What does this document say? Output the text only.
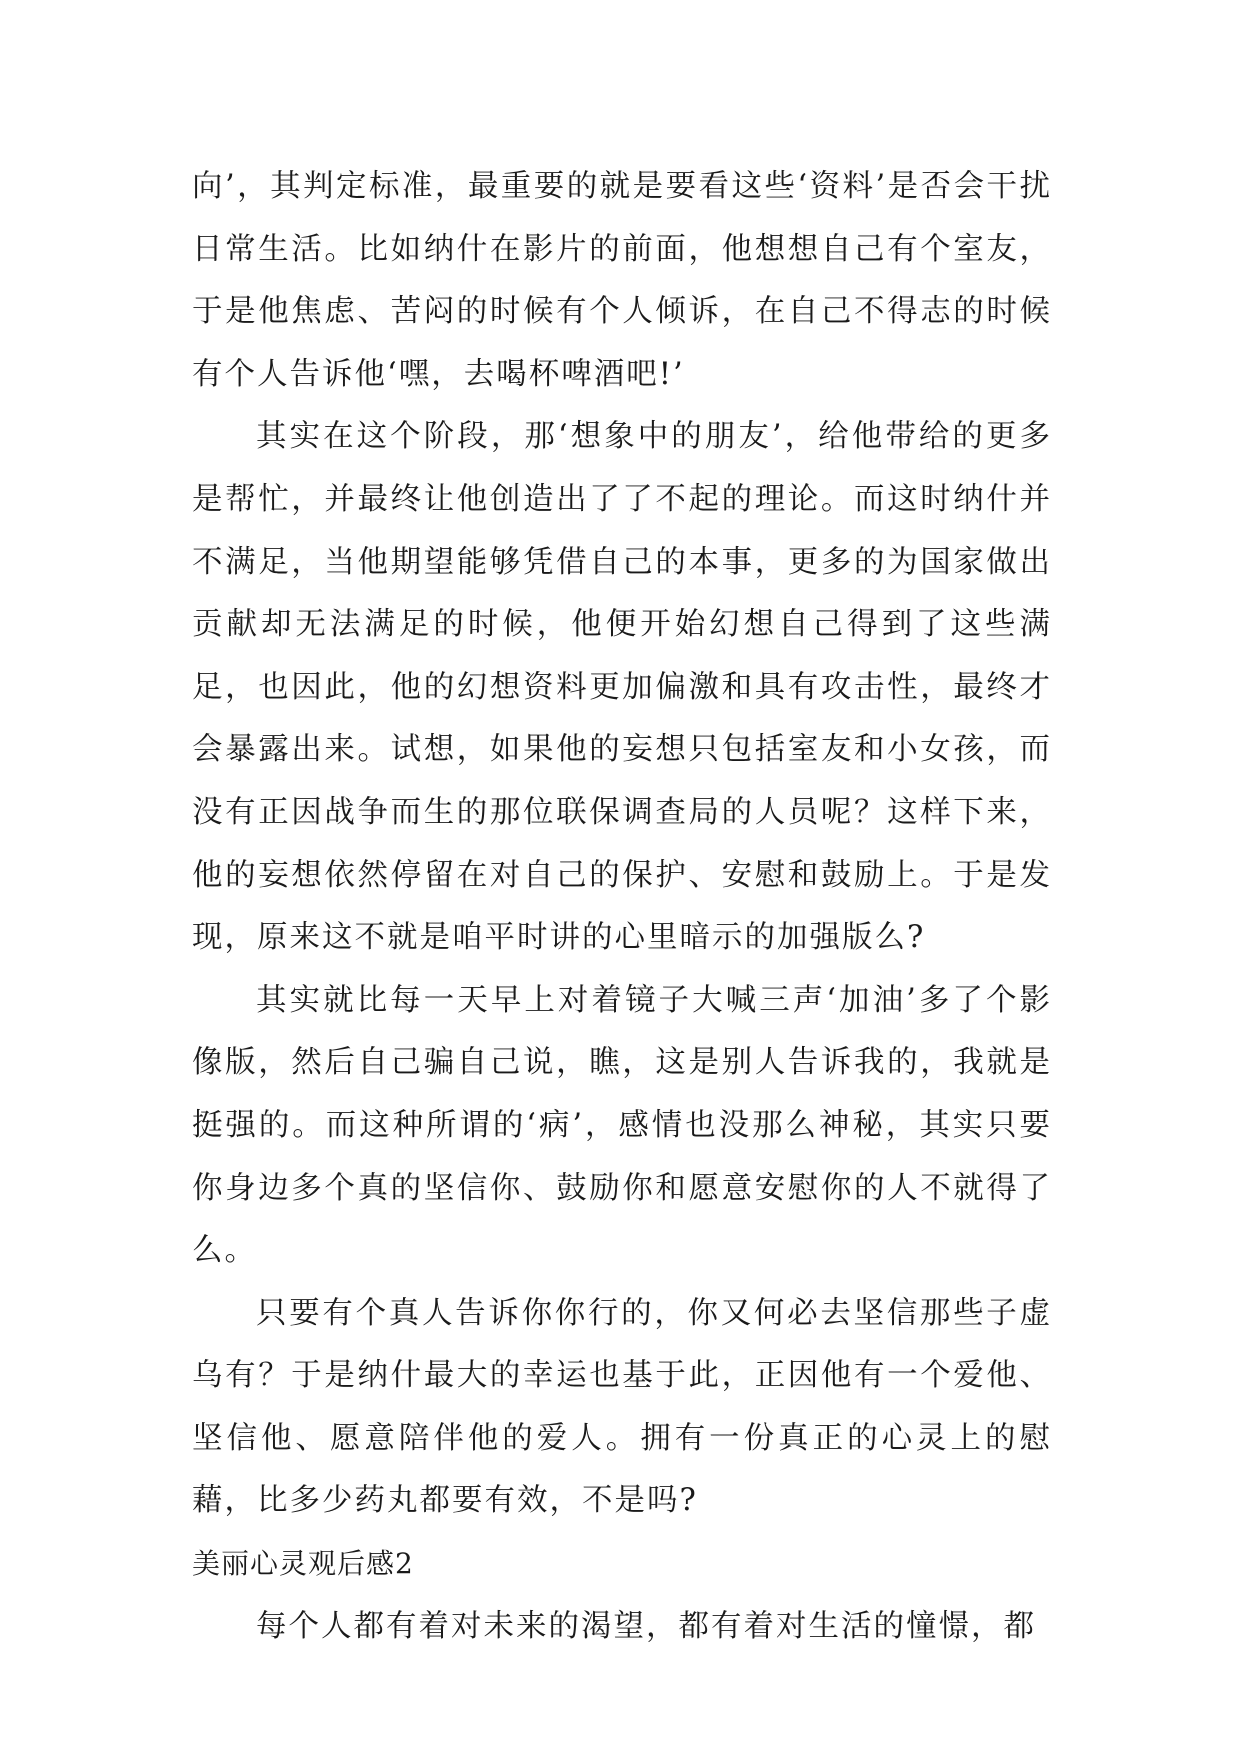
向’，其判定标准，最重要的就是要看这些‘资料’是否会干扰日常生活。比如纳什在影片的前面，他想想自己有个室友，于是他焦虑、苦闷的时候有个人倾诉，在自己不得志的时候有个人告诉他‘嘿，去喝杯啤酒吧!’

其实在这个阶段，那‘想象中的朋友’，给他带给的更多是帮忙，并最终让他创造出了了不起的理论。而这时纳什并不满足，当他期望能够凭借自己的本事，更多的为国家做出贡献却无法满足的时候，他便开始幻想自己得到了这些满足，也因此，他的幻想资料更加偏激和具有攻击性，最终才会暴露出来。试想，如果他的妄想只包括室友和小女孩，而没有正因战争而生的那位联保调查局的人员呢？这样下来，他的妄想依然停留在对自己的保护、安慰和鼓励上。于是发现，原来这不就是咱平时讲的心里暗示的加强版么?

其实就比每一天早上对着镜子大喊三声‘加油’多了个影像版，然后自己骗自己说，瞧，这是别人告诉我的，我就是挺强的。而这种所谓的‘病’，感情也没那么神秘，其实只要你身边多个真的坚信你、鼓励你和愿意安慰你的人不就得了么。

只要有个真人告诉你你行的，你又何必去坚信那些子虚乌有？于是纳什最大的幸运也基于此，正因他有一个爱他、坚信他、愿意陪伴他的爱人。拥有一份真正的心灵上的慰藉，比多少药丸都要有效，不是吗?

美丽心灵观后感2

每个人都有着对未来的渴望，都有着对生活的憧憬，都
